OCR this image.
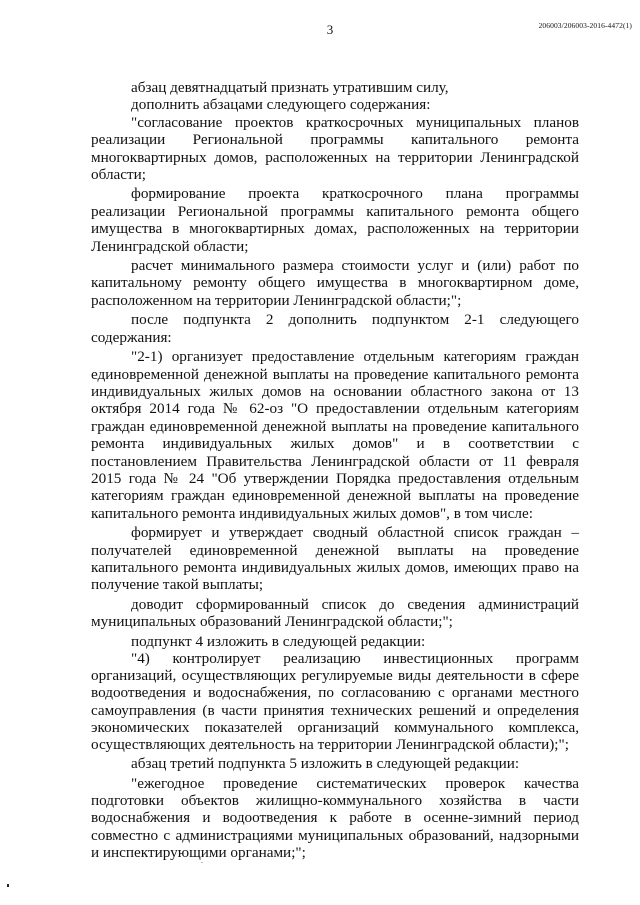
3	206003/206003-2016-4472(1)

абзац девятнадцатый признать утратившим силу,

дополнить абзацами следующего содержания:

"согласование проектов краткосрочных муниципальных планов реализации Региональной программы капитального ремонта многоквартирных домов, расположенных на территории Ленинградской области;

формирование проекта краткосрочного плана программы реализации Региональной программы капитального ремонта общего имущества в многоквартирных домах, расположенных на территории Ленинградской области;

расчет минимального размера стоимости услуг и (или) работ по капитальному ремонту общего имущества в многоквартирном доме, расположенном на территории Ленинградской области;";

после подпункта 2 дополнить подпунктом 2-1 следующего содержания:

"2-1) организует предоставление отдельным категориям граждан единовременной денежной выплаты на проведение капитального ремонта индивидуальных жилых домов на основании областного закона от 13 октября 2014 года № 62-оз "О предоставлении отдельным категориям граждан единовременной денежной выплаты на проведение капитального ремонта индивидуальных жилых домов" и в соответствии с постановлением Правительства Ленинградской области от 11 февраля 2015 года № 24 "Об утверждении Порядка предоставления отдельным категориям граждан единовременной денежной выплаты на проведение капитального ремонта индивидуальных жилых домов", в том числе:

формирует и утверждает сводный областной список граждан – получателей единовременной денежной выплаты на проведение капитального ремонта индивидуальных жилых домов, имеющих право на получение такой выплаты;

доводит сформированный список до сведения администраций муниципальных образований Ленинградской области;";

подпункт 4 изложить в следующей редакции:

"4) контролирует реализацию инвестиционных программ организаций, осуществляющих регулируемые виды деятельности в сфере водоотведения и водоснабжения, по согласованию с органами местного самоуправления (в части принятия технических решений и определения экономических показателей организаций коммунального комплекса, осуществляющих деятельность на территории Ленинградской области);";

абзац третий подпункта 5 изложить в следующей редакции:

"ежегодное проведение систематических проверок качества подготовки объектов жилищно-коммунального хозяйства в части водоснабжения и водоотведения к работе в осенне-зимний период совместно с администрациями муниципальных образований, надзорными и инспектирующими органами;";
